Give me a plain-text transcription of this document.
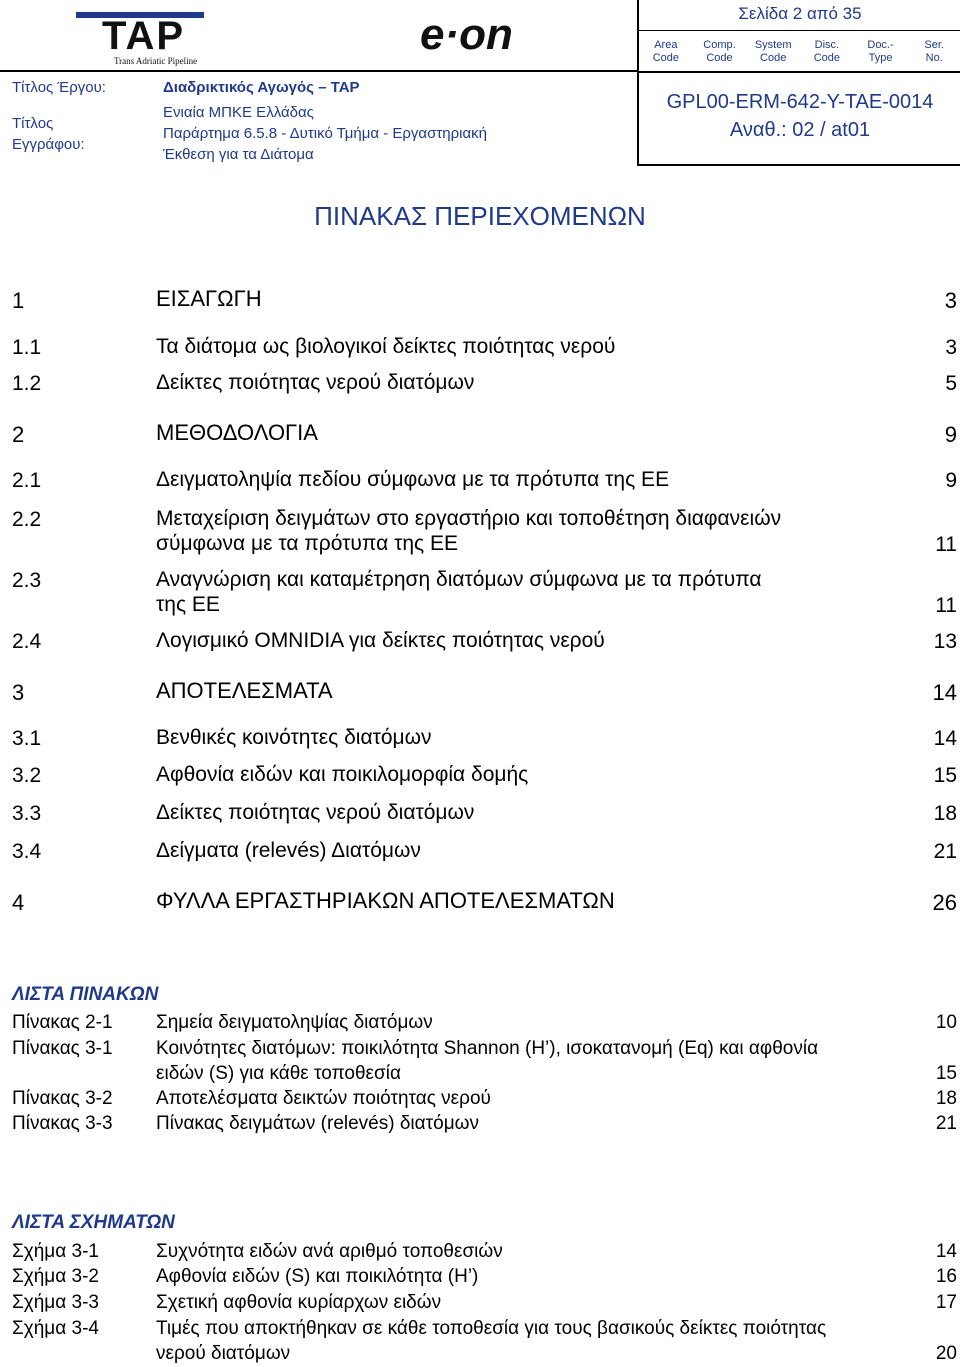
TAP
Trans Adriatic Pipeline
e·on
Τίτλος Έργου:	Διαδρικτικός Αγωγός – TAP
Τίτλος
Εγγράφου:
Ενιαία ΜΠΚΕ Ελλάδας
Παράρτημα 6.5.8 - Δυτικό Τμήμα - Εργαστηριακή
Έκθεση για τα Διάτομα
Σελίδα 2 από 35
Area
Code
Comp.
Code
System
Code
Disc.
Code
Doc.-
Type
Ser.
No.
GPL00-ERM-642-Y-TAE-0014
Αναθ.: 02 / at01
ΠΙΝΑΚΑΣ ΠΕΡΙΕΧΟΜΕΝΩΝ
1	ΕΙΣΑΓΩΓΗ	3
1.1	Τα διάτομα ως βιολογικοί δείκτες ποιότητας νερού	3
1.2	Δείκτες ποιότητας νερού διατόμων	5
2	ΜΕΘΟΔΟΛΟΓΙΑ	9
2.1	Δειγματοληψία πεδίου σύμφωνα με τα πρότυπα της ΕΕ	9
2.2	Μεταχείριση δειγμάτων στο εργαστήριο και τοποθέτηση διαφανειών
σύμφωνα με τα πρότυπα της ΕΕ	11
2.3	Αναγνώριση και καταμέτρηση διατόμων σύμφωνα με τα πρότυπα
της ΕΕ	11
2.4	Λογισμικό OMNIDIA για δείκτες ποιότητας νερού	13
3	ΑΠΟΤΕΛΕΣΜΑΤΑ	14
3.1	Βενθικές κοινότητες διατόμων	14
3.2	Αφθονία ειδών και ποικιλομορφία δομής	15
3.3	Δείκτες ποιότητας νερού διατόμων	18
3.4	Δείγματα (relevés) Διατόμων	21
4	ΦΥΛΛΑ ΕΡΓΑΣΤΗΡΙΑΚΩΝ ΑΠΟΤΕΛΕΣΜΑΤΩΝ	26
ΛΙΣΤΑ ΠΙΝΑΚΩΝ
Πίνακας 2-1 Σημεία δειγματοληψίας διατόμων	10
Πίνακας 3-1 Κοινότητες διατόμων: ποικιλότητα Shannon (H’), ισοκατανομή (Eq) και αφθονία
ειδών (S) για κάθε τοποθεσία	15
Πίνακας 3-2 Αποτελέσματα δεικτών ποιότητας νερού	18
Πίνακας 3-3 Πίνακας δειγμάτων (relevés) διατόμων	21
ΛΙΣΤΑ ΣΧΗΜΑΤΩΝ
Σχήμα 3-1	Συχνότητα ειδών ανά αριθμό τοποθεσιών	14
Σχήμα 3-2	Αφθονία ειδών (S) και ποικιλότητα (H’)	16
Σχήμα 3-3	Σχετική αφθονία κυρίαρχων ειδών	17
Σχήμα 3-4	Τιμές που αποκτήθηκαν σε κάθε τοποθεσία για τους βασικούς δείκτες ποιότητας
νερού διατόμων	20
